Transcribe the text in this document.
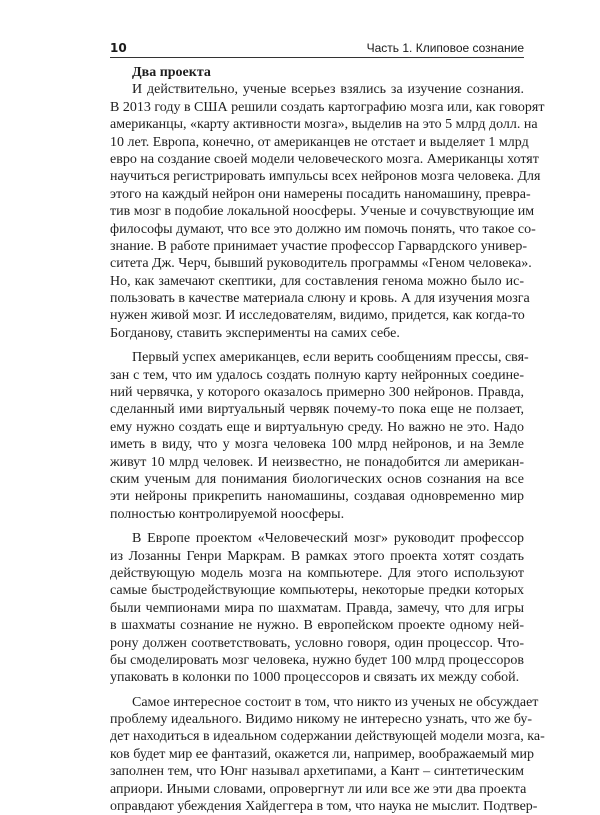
10	Часть 1. Клиповое сознание
Два проекта
И действительно, ученые всерьез взялись за изучение сознания.
В 2013 году в США решили создать картографию мозга или, как говорят
американцы, «карту активности мозга», выделив на это 5 млрд долл. на
10 лет. Европа, конечно, от американцев не отстает и выделяет 1 млрд
евро на создание своей модели человеческого мозга. Американцы хотят
научиться регистрировать импульсы всех нейронов мозга человека. Для
этого на каждый нейрон они намерены посадить наномашину, превра-
тив мозг в подобие локальной ноосферы. Ученые и сочувствующие им
философы думают, что все это должно им помочь понять, что такое со-
знание. В работе принимает участие профессор Гарвардского универ-
ситета Дж. Черч, бывший руководитель программы «Геном человека».
Но, как замечают скептики, для составления генома можно было ис-
пользовать в качестве материала слюну и кровь. А для изучения мозга
нужен живой мозг. И исследователям, видимо, придется, как когда-то
Богданову, ставить эксперименты на самих себе.
Первый успех американцев, если верить сообщениям прессы, свя-
зан с тем, что им удалось создать полную карту нейронных соедине-
ний червячка, у которого оказалось примерно 300 нейронов. Правда,
сделанный ими виртуальный червяк почему-то пока еще не ползает,
ему нужно создать еще и виртуальную среду. Но важно не это. Надо
иметь в виду, что у мозга человека 100 млрд нейронов, и на Земле
живут 10 млрд человек. И неизвестно, не понадобится ли американ-
ским ученым для понимания биологических основ сознания на все
эти нейроны прикрепить наномашины, создавая одновременно мир
полностью контролируемой ноосферы.
В Европе проектом «Человеческий мозг» руководит профессор
из Лозанны Генри Маркрам. В рамках этого проекта хотят создать
действующую модель мозга на компьютере. Для этого используют
самые быстродействующие компьютеры, некоторые предки которых
были чемпионами мира по шахматам. Правда, замечу, что для игры
в шахматы сознание не нужно. В европейском проекте одному ней-
рону должен соответствовать, условно говоря, один процессор. Что-
бы смоделировать мозг человека, нужно будет 100 млрд процессоров
упаковать в колонки по 1000 процессоров и связать их между собой.
Самое интересное состоит в том, что никто из ученых не обсуждает
проблему идеального. Видимо никому не интересно узнать, что же бу-
дет находиться в идеальном содержании действующей модели мозга, ка-
ков будет мир ее фантазий, окажется ли, например, воображаемый мир
заполнен тем, что Юнг называл архетипами, а Кант – синтетическим
априори. Иными словами, опровергнут ли или все же эти два проекта
оправдают убеждения Хайдеггера в том, что наука не мыслит. Подтвер-
